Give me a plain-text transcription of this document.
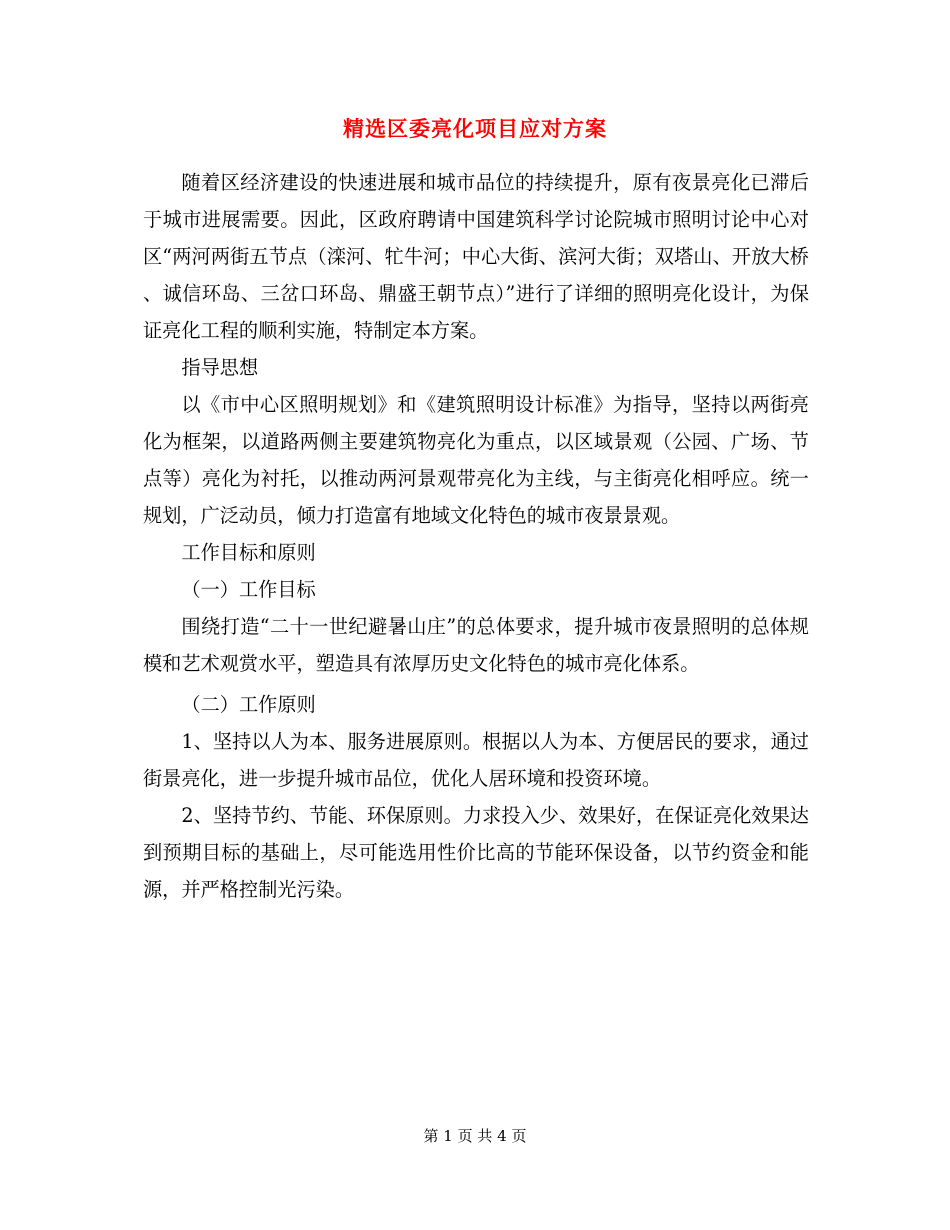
精选区委亮化项目应对方案

随着区经济建设的快速进展和城市品位的持续提升，原有夜景亮化已滞后于城市进展需要。因此，区政府聘请中国建筑科学讨论院城市照明讨论中心对区“两河两街五节点（滦河、牤牛河；中心大街、滨河大街；双塔山、开放大桥、诚信环岛、三岔口环岛、鼎盛王朝节点）”进行了详细的照明亮化设计，为保证亮化工程的顺利实施，特制定本方案。

指导思想

以《市中心区照明规划》和《建筑照明设计标准》为指导，坚持以两街亮化为框架，以道路两侧主要建筑物亮化为重点，以区域景观（公园、广场、节点等）亮化为衬托，以推动两河景观带亮化为主线，与主街亮化相呼应。统一规划，广泛动员，倾力打造富有地域文化特色的城市夜景景观。

工作目标和原则

（一）工作目标

围绕打造“二十一世纪避暑山庄”的总体要求，提升城市夜景照明的总体规模和艺术观赏水平，塑造具有浓厚历史文化特色的城市亮化体系。

（二）工作原则

1、坚持以人为本、服务进展原则。根据以人为本、方便居民的要求，通过街景亮化，进一步提升城市品位，优化人居环境和投资环境。

2、坚持节约、节能、环保原则。力求投入少、效果好，在保证亮化效果达到预期目标的基础上，尽可能选用性价比高的节能环保设备，以节约资金和能源，并严格控制光污染。

第 1 页 共 4 页
